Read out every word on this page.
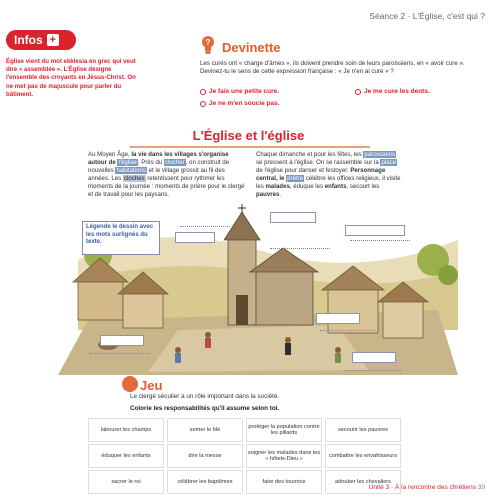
Séance 2 · L'Église, c'est qui ?
Infos +
Église vient du mot ekklesia en grec qui veut dire « assemblée ». L'Église désigne l'ensemble des croyants en Jésus-Christ. On ne met pas de majuscule pour parler du bâtiment.
? Devinette
Les curés ont « charge d'âmes », ils doivent prendre soin de leurs paroissiens, en « avoir cure ». Devinez-tu le sens de cette expression française : « Je n'en ai cure » ?
Je fais une petite cure.	Je me cure les dents.
Je ne m'en soucie pas.
L'Église et l'église
Au Moyen Âge, la vie dans les villages s'organise autour de l'église. Près du clocher, on construit de nouvelles habitations et le village grossit au fil des années. Les cloches retentissent pour rythmer les moments de la journée : moments de prière pour le clergé et de travail pour les paysans.
Chaque dimanche et pour les fêtes, les paroissiens se pressent à l'église. On se rassemble sur la place de l'église pour danser et festoyer. Personnage central, le prêtre célèbre les offices religieux, il visite les malades, éduque les enfants, secourt les pauvres.
Légende le dessin avec les mots surlignés du texte.
Jeu
Le clergé séculier a un rôle important dans la société.
Colorie les responsabilités qu'il assume selon toi.
labourer les champs	semer le blé
protéger la population contre les pillards
secourir les pauvres
éduquer les enfants	dire la messe
soigner les malades dans les « hôtels-Dieu »
combattre les envahisseurs
sacrer le roi	célébrer les baptêmes	faire des tournois	adouber les chevaliers
Unité 3 · À la rencontre des chrétiens 39
